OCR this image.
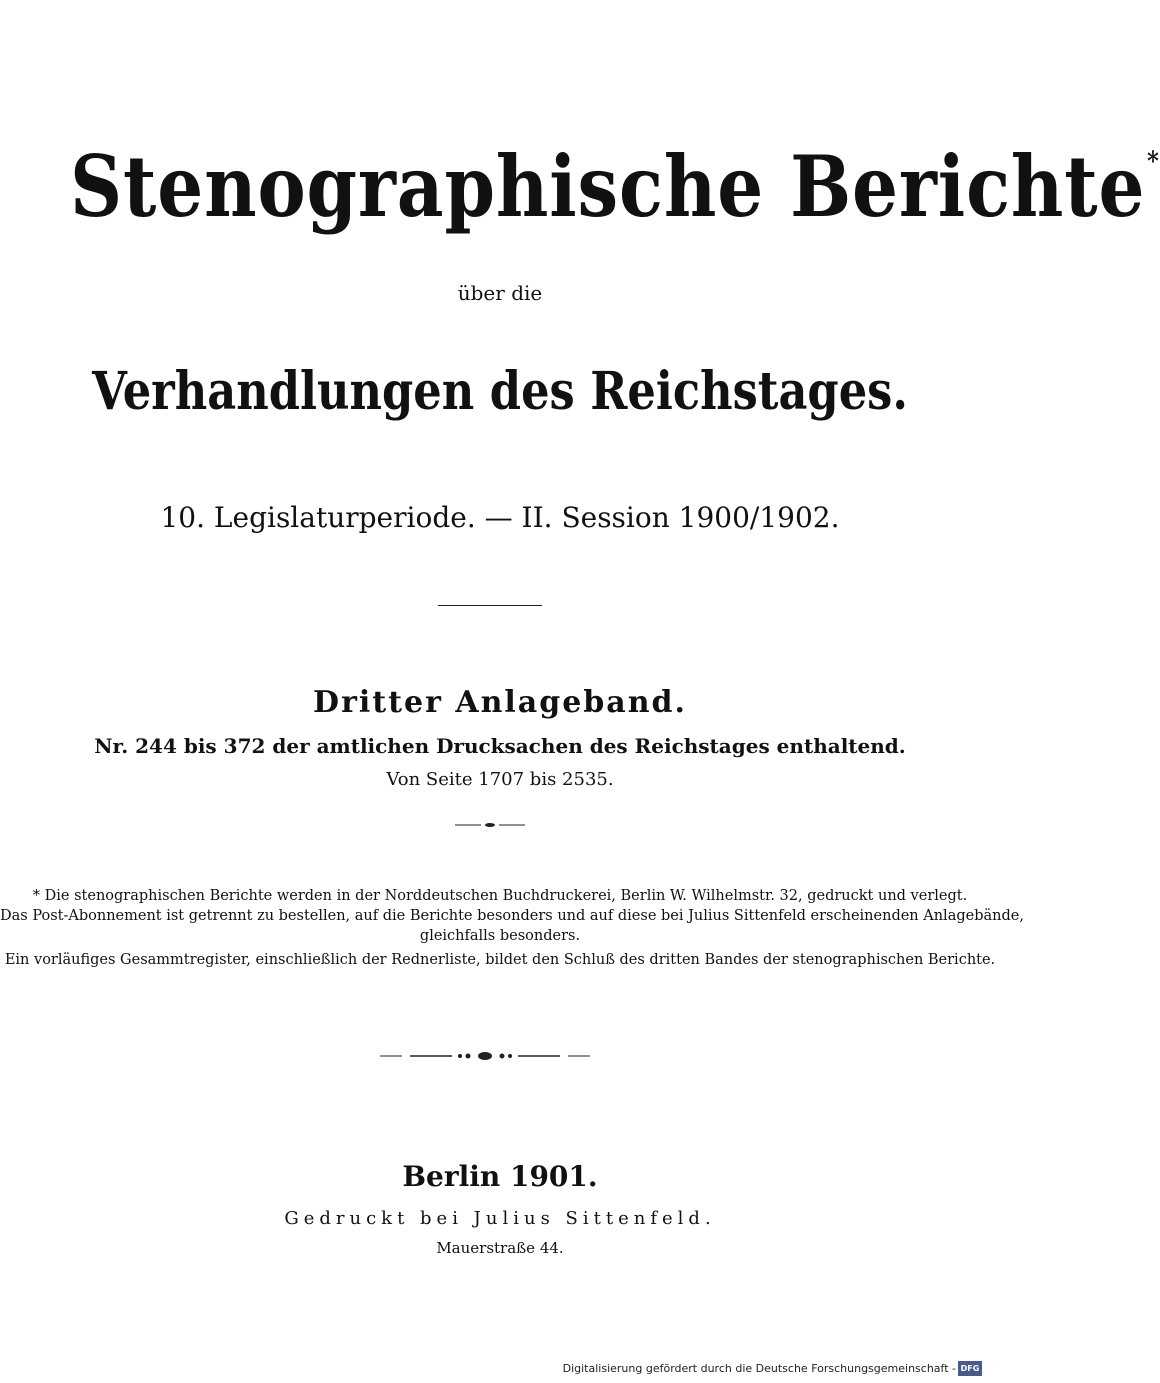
Stenographische Berichte*
über die
Verhandlungen des Reichstages.
10. Legislaturperiode. — II. Session 1900/1902.
Dritter Anlageband.
Nr. 244 bis 372 der amtlichen Drucksachen des Reichstages enthaltend.
Von Seite 1707 bis 2535.
* Die stenographischen Berichte werden in der Norddeutschen Buchdruckerei, Berlin W. Wilhelmstr. 32, gedruckt und verlegt.
Das Post-Abonnement ist getrennt zu bestellen, auf die Berichte besonders und auf diese bei Julius Sittenfeld erscheinenden Anlagebände,
gleichfalls besonders.
Ein vorläufiges Gesammtregister, einschließlich der Rednerliste, bildet den Schluß des dritten Bandes der stenographischen Berichte.
Berlin 1901.
Gedruckt bei Julius Sittenfeld.
Mauerstraße 44.
Digitalisierung gefördert durch die Deutsche Forschungsgemeinschaft - DFG
